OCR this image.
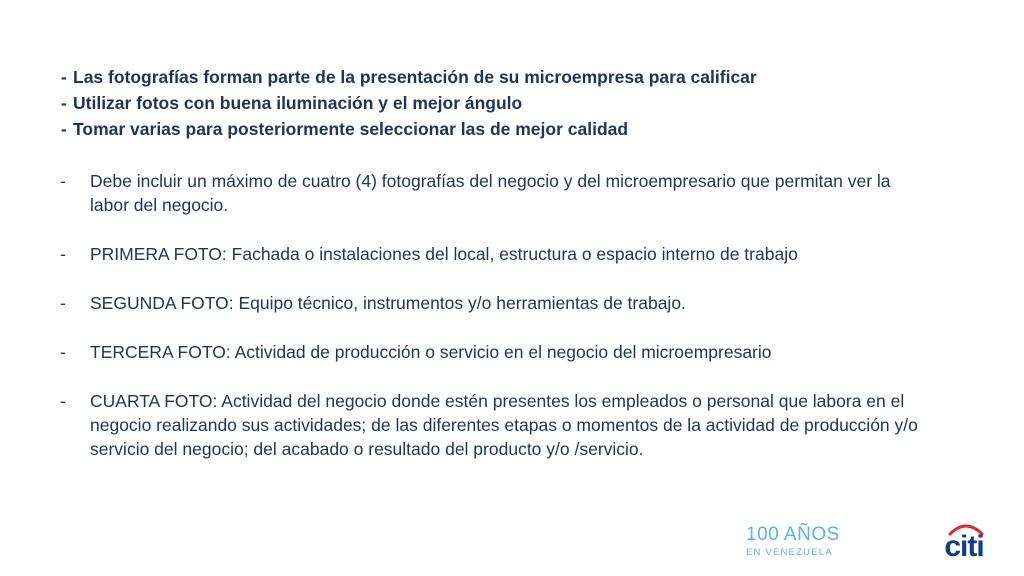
- Las fotografías forman parte de la presentación de su microempresa para calificar
- Utilizar fotos con buena iluminación y el mejor ángulo
- Tomar varias para posteriormente seleccionar las de mejor calidad
- Debe incluir un máximo de cuatro (4) fotografías del negocio y del microempresario que permitan ver la labor del negocio.
- PRIMERA FOTO: Fachada o instalaciones del local, estructura o espacio interno de trabajo
- SEGUNDA FOTO: Equipo técnico, instrumentos y/o herramientas de trabajo.
- TERCERA FOTO: Actividad de producción o servicio en el negocio del microempresario
- CUARTA FOTO: Actividad del negocio donde estén presentes los empleados o personal que labora en el negocio realizando sus actividades; de las diferentes etapas o momentos de la actividad de producción y/o servicio del negocio; del acabado o resultado del producto y/o /servicio.
100 AÑOS
EN VENEZUELA	citi
